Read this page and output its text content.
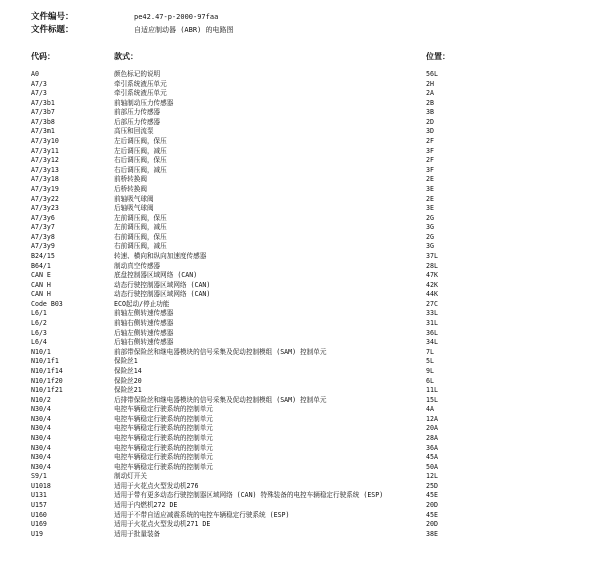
文件编号：	pe42.47-p-2000-97faa
文件标题：	自适应制动器 (ABR) 的电路图
代码：	款式：	位置：
A0	颜色标记的说明	56L
A7/3	牵引系统液压单元	2H
A7/3	牵引系统液压单元	2A
A7/3b1	前轴制动压力传感器	2B
A7/3b7	前部压力传感器	3B
A7/3b8	后部压力传感器	2D
A7/3m1	高压和回流泵	3D
A7/3y10	左后调压阀，保压	2F
A7/3y11	左后调压阀，减压	3F
A7/3y12	右后调压阀，保压	2F
A7/3y13	右后调压阀，减压	3F
A7/3y18	前桥转换阀	2E
A7/3y19	后桥转换阀	3E
A7/3y22	前轴吸气球阀	2E
A7/3y23	后轴吸气球阀	3E
A7/3y6	左前调压阀，保压	2G
A7/3y7	左前调压阀，减压	3G
A7/3y8	右前调压阀，保压	2G
A7/3y9	右前调压阀，减压	3G
B24/15	转速、横向和纵向加速度传感器	37L
B64/1	制动真空传感器	28L
CAN E	底盘控制器区域网络 (CAN)	47K
CAN H	动态行驶控制器区域网络 (CAN)	42K
CAN H	动态行驶控制器区域网络 (CAN)	44K
Code B03	ECO起动/停止功能	27C
L6/1	前轴左侧转速传感器	33L
L6/2	前轴右侧转速传感器	31L
L6/3	后轴左侧转速传感器	36L
L6/4	后轴右侧转速传感器	34L
N10/1	前部带保险丝和继电器模块的信号采集及促动控制模组 (SAM) 控制单元	7L
N10/1f1	保险丝1	5L
N10/1f14	保险丝14	9L
N10/1f20	保险丝20	6L
N10/1f21	保险丝21	11L
N10/2	后排带保险丝和继电器模块的信号采集及促动控制模组 (SAM) 控制单元	15L
N30/4	电控车辆稳定行驶系统的控制单元	4A
N30/4	电控车辆稳定行驶系统的控制单元	12A
N30/4	电控车辆稳定行驶系统的控制单元	20A
N30/4	电控车辆稳定行驶系统的控制单元	28A
N30/4	电控车辆稳定行驶系统的控制单元	36A
N30/4	电控车辆稳定行驶系统的控制单元	45A
N30/4	电控车辆稳定行驶系统的控制单元	50A
S9/1	制动灯开关	12L
U1018	适用于火花点火型发动机276	25D
U131	适用于带有更多动态行驶控制器区域网络 (CAN) 特殊装备的电控车辆稳定行驶系统 (ESP)	45E
U157	适用于内燃机272 DE	20D
U160	适用于不带自适应减震系统的电控车辆稳定行驶系统 (ESP)	45E
U169	适用于火花点火型发动机271 DE	20D
U19	适用于批量装备	38E
